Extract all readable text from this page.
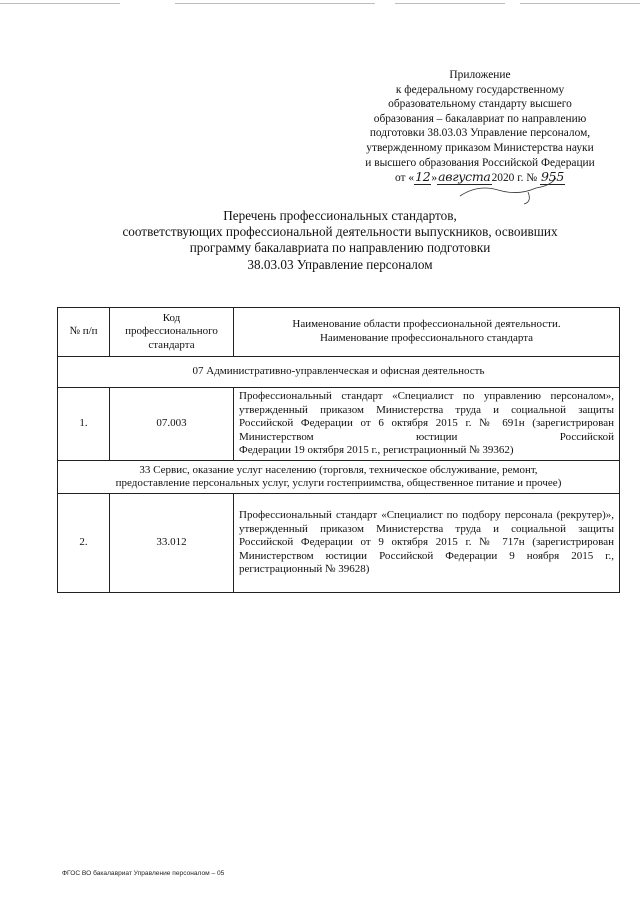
Приложение
к федеральному государственному
образовательному стандарту высшего
образования – бакалавриат по направлению
подготовки 38.03.03 Управление персоналом,
утвержденному приказом Министерства науки
и высшего образования Российской Федерации
от «12»августа2020 г. № 955
Перечень профессиональных стандартов,
соответствующих профессиональной деятельности выпускников, освоивших
программу бакалавриата по направлению подготовки
38.03.03 Управление персоналом
№ п/п	Код профессионального стандарта	Наименование области профессиональной деятельности.
Наименование профессионального стандарта

07 Административно-управленческая и офисная деятельность		
1.	07.003	Профессиональный стандарт «Специалист по управлению персоналом», утвержденный приказом Министерства труда и социальной защиты Российской Федерации от 6 октября 2015 г. № 691н (зарегистрирован Министерством юстиции Российской
Федерации 19 октября 2015 г., регистрационный № 39362)

33 Сервис, оказание услуг населению (торговля, техническое обслуживание, ремонт,
предоставление персональных услуг, услуги гостеприимства, общественное питание и прочее)		

2.	33.012	Профессиональный стандарт «Специалист по подбору персонала (рекрутер)», утвержденный приказом Министерства труда и социальной защиты Российской Федерации от 9 октября 2015 г. № 717н (зарегистрирован Министерством юстиции Российской Федерации 9 ноября 2015 г.,
регистрационный № 39628)
ФГОС ВО бакалавриат Управление персоналом – 05
